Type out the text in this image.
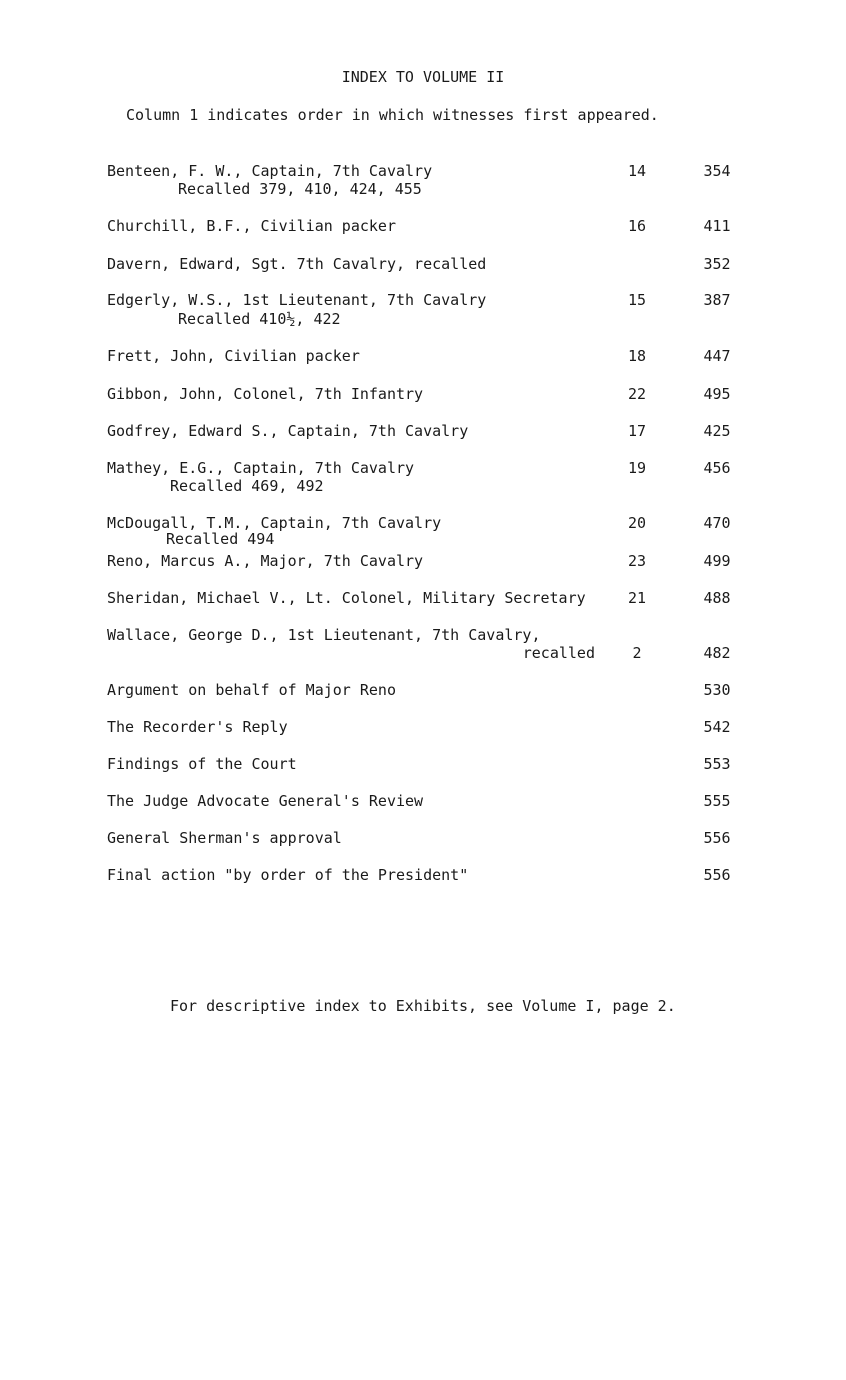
INDEX TO VOLUME II
Column 1 indicates order in which witnesses first appeared.
Benteen, F. W., Captain, 7th Cavalry	14	354
Recalled 379, 410, 424, 455
Churchill, B.F., Civilian packer	16	411
Davern, Edward, Sgt. 7th Cavalry, recalled	352
Edgerly, W.S., 1st Lieutenant, 7th Cavalry	15	387
Recalled 410½, 422
Frett, John, Civilian packer	18	447
Gibbon, John, Colonel, 7th Infantry	22	495
Godfrey, Edward S., Captain, 7th Cavalry	17	425
Mathey, E.G., Captain, 7th Cavalry	19	456
Recalled 469, 492
McDougall, T.M., Captain, 7th Cavalry	20	470
Recalled 494
Reno, Marcus A., Major, 7th Cavalry	23	499
Sheridan, Michael V., Lt. Colonel, Military Secretary	21	488
Wallace, George D., 1st Lieutenant, 7th Cavalry,
recalled	2	482
Argument on behalf of Major Reno	530
The Recorder's Reply	542
Findings of the Court	553
The Judge Advocate General's Review	555
General Sherman's approval	556
Final action "by order of the President"	556
For descriptive index to Exhibits, see Volume I, page 2.
